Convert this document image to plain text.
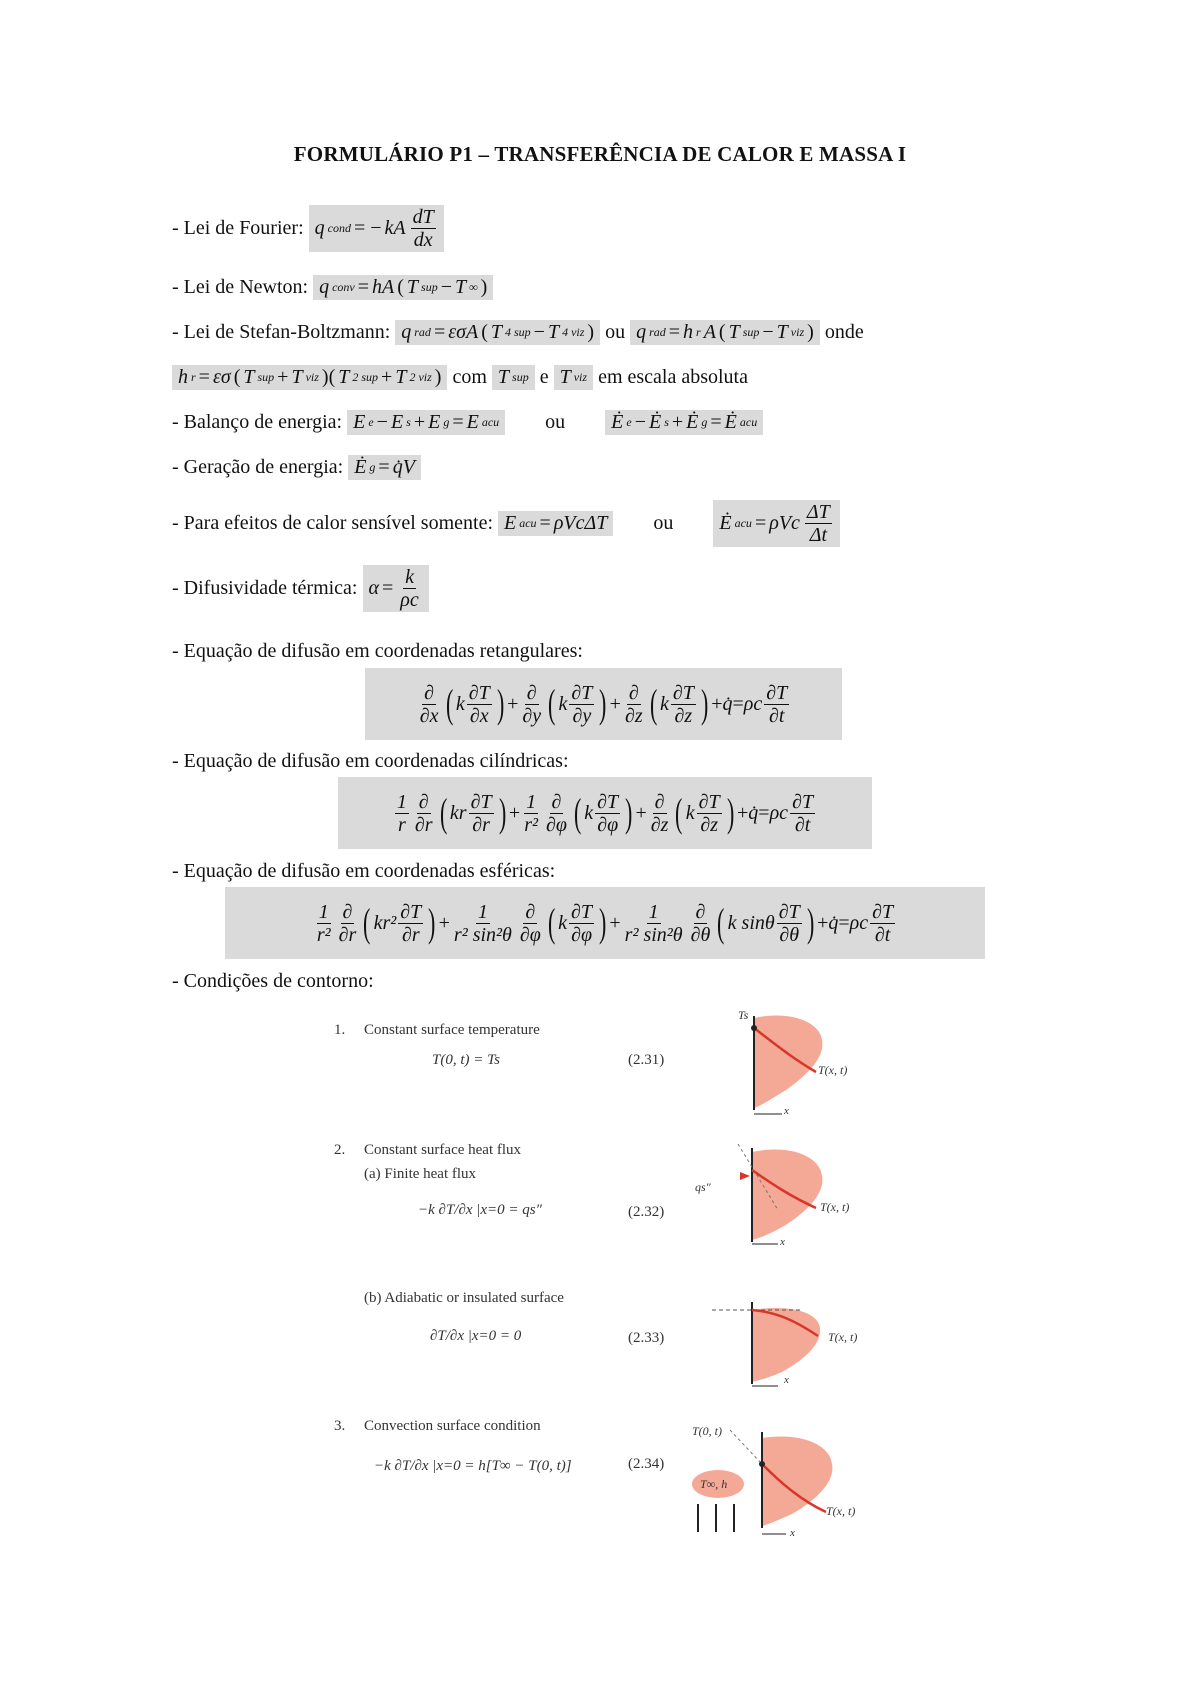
FORMULÁRIO P1 – TRANSFERÊNCIA DE CALOR E MASSA I
- Lei de Fourier:
q cond = − kA $\frac{dT}{dx}$
- Lei de Newton:
q conv = hA ( T sup − T ∞ )
- Lei de Stefan-Boltzmann:
q rad = εσA ( T 4 sup − T 4 viz )
ou
q rad = h r A ( T sup − T viz )
onde
h r = εσ ( T sup + T viz )( T 2 sup + T 2 viz )
com
T sup
e
T viz
em escala absoluta
- Balanço de energia:
E e − E s + E g = E acu ou	Ė e − Ė s + Ė g = Ė acu
- Geração de energia:
Ė g = q̇V
- Para efeitos de calor sensível somente:
E acu = ρVcΔT	ou	Ė acu = ρVc $\frac{\Delta T}{\Delta t}$
- Difusividade térmica:
$\alpha = \frac{k}{\rho c}$
- Equação de difusão em coordenadas retangulares:
$\frac{\partial}{\partial x}$ ( k $\frac{\partial T}{\partial x}$ ) + $\frac{\partial}{\partial y}$ ( k $\frac{\partial T}{\partial y}$ ) + $\frac{\partial}{\partial z}$ ( k $\frac{\partial T}{\partial z}$ ) + q̇ = ρc $\frac{\partial T}{\partial t}$
- Equação de difusão em coordenadas cilíndricas:
$\frac{1}{r} \frac{\partial}{\partial r}$ ( kr $\frac{\partial T}{\partial r}$ ) + $\frac{1}{\text{r²}} \frac{\partial}{\partial\varphi}$ ( k $\frac{\partial T}{\partial\varphi}$ ) + $\frac{\partial}{\partial z}$ ( k $\frac{\partial T}{\partial z}$ ) + q̇ = ρc $\frac{\partial T}{\partial t}$
- Equação de difusão em coordenadas esféricas:
$\frac{1}{\text{r²}} \frac{\partial}{\partial r}$ ( $kr^2 \frac{\partial T}{\partial r}$ ) + $\frac{1}{\text{r² sin²θ}} \frac{\partial}{\partial\varphi}$ ( k $\frac{\partial T}{\partial\varphi}$ ) + $\frac{1}{\text{r² sin²θ}} \frac{\partial}{\partial\theta}$ ( k sinθ $\frac{\partial T}{\partial\theta}$ ) + q̇ = ρc $\frac{\partial T}{\partial t}$
- Condições de contorno:
1. Constant surface temperature
T(0, t) = Ts	(2.31)
2. Constant surface heat flux
(a) Finite heat flux
−k ∂T/∂x |x=0 = qs″	(2.32)
(b) Adiabatic or insulated surface
∂T/∂x |x=0 = 0	(2.33)
3. Convection surface condition
−k ∂T/∂x |x=0 = h[T∞ − T(0, t)]	(2.34)
Ts
T(x, t)
x
qs″
T(x, t)
x
T(x, t)
x
T(0, t)
T∞, h
T(x, t)
x
